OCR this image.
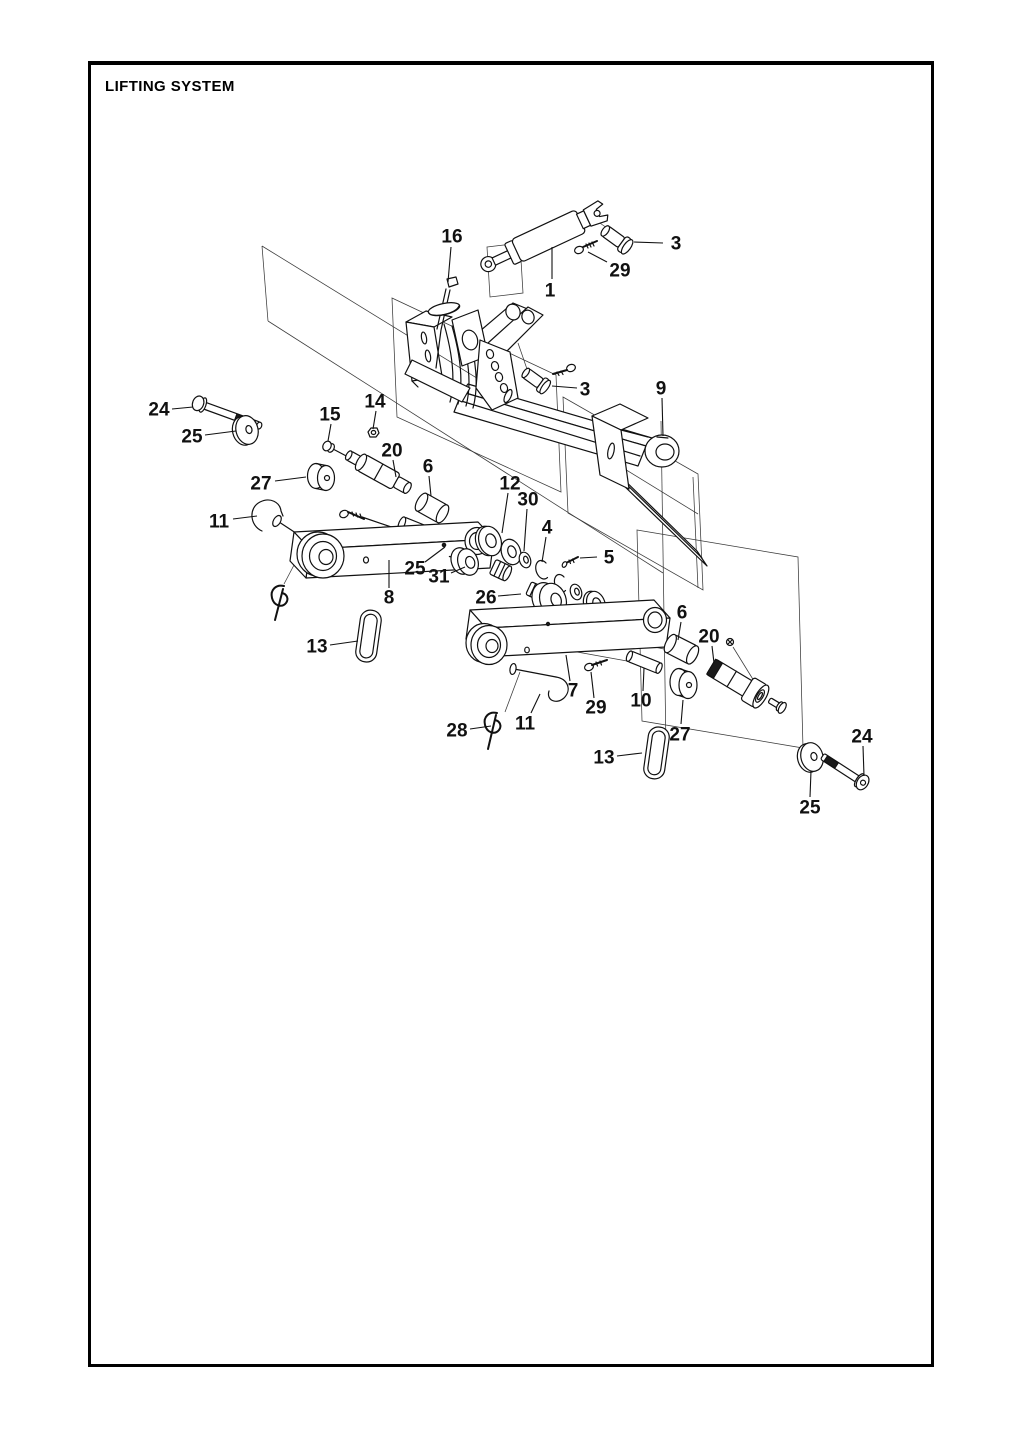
LIFTING SYSTEM
16	3
29
1
24
25
14
15
20
6
27
3	9
11
12
30
4
5
25 31
26
8
13
6
20
7
29 10
28 11
13
27	24
25
